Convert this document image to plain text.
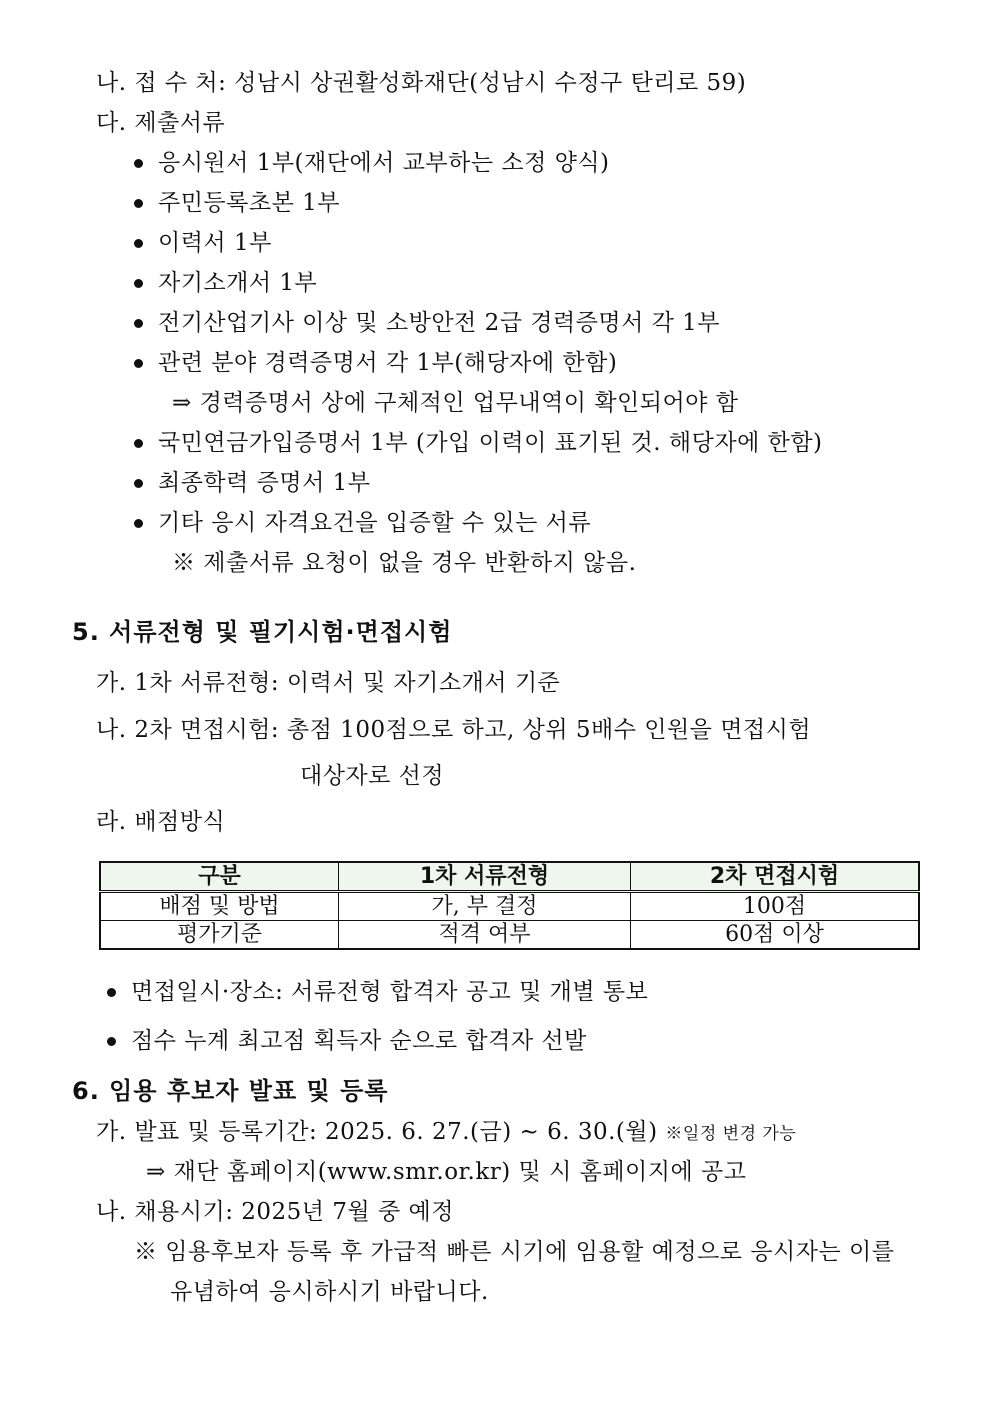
나. 접 수 처: 성남시 상권활성화재단(성남시 수정구 탄리로 59)
다. 제출서류
응시원서 1부(재단에서 교부하는 소정 양식)
주민등록초본 1부
이력서 1부
자기소개서 1부
전기산업기사 이상 및 소방안전 2급 경력증명서 각 1부
관련 분야 경력증명서 각 1부(해당자에 한함)
⇒ 경력증명서 상에 구체적인 업무내역이 확인되어야 함
국민연금가입증명서 1부 (가입 이력이 표기된 것. 해당자에 한함)
최종학력 증명서 1부
기타 응시 자격요건을 입증할 수 있는 서류
※ 제출서류 요청이 없을 경우 반환하지 않음.
5. 서류전형 및 필기시험·면접시험
가. 1차 서류전형: 이력서 및 자기소개서 기준
나. 2차 면접시험: 총점 100점으로 하고, 상위 5배수 인원을 면접시험
대상자로 선정
라. 배점방식
구분	1차 서류전형	2차 면접시험
배점 및 방법	가, 부 결정	100점
평가기준	적격 여부	60점 이상
면접일시·장소: 서류전형 합격자 공고 및 개별 통보
점수 누계 최고점 획득자 순으로 합격자 선발
6. 임용 후보자 발표 및 등록
가. 발표 및 등록기간: 2025. 6. 27.(금) ∼ 6. 30.(월) ※일정 변경 가능
⇒ 재단 홈페이지(www.smr.or.kr) 및 시 홈페이지에 공고
나. 채용시기: 2025년 7월 중 예정
※ 임용후보자 등록 후 가급적 빠른 시기에 임용할 예정으로 응시자는 이를
유념하여 응시하시기 바랍니다.
